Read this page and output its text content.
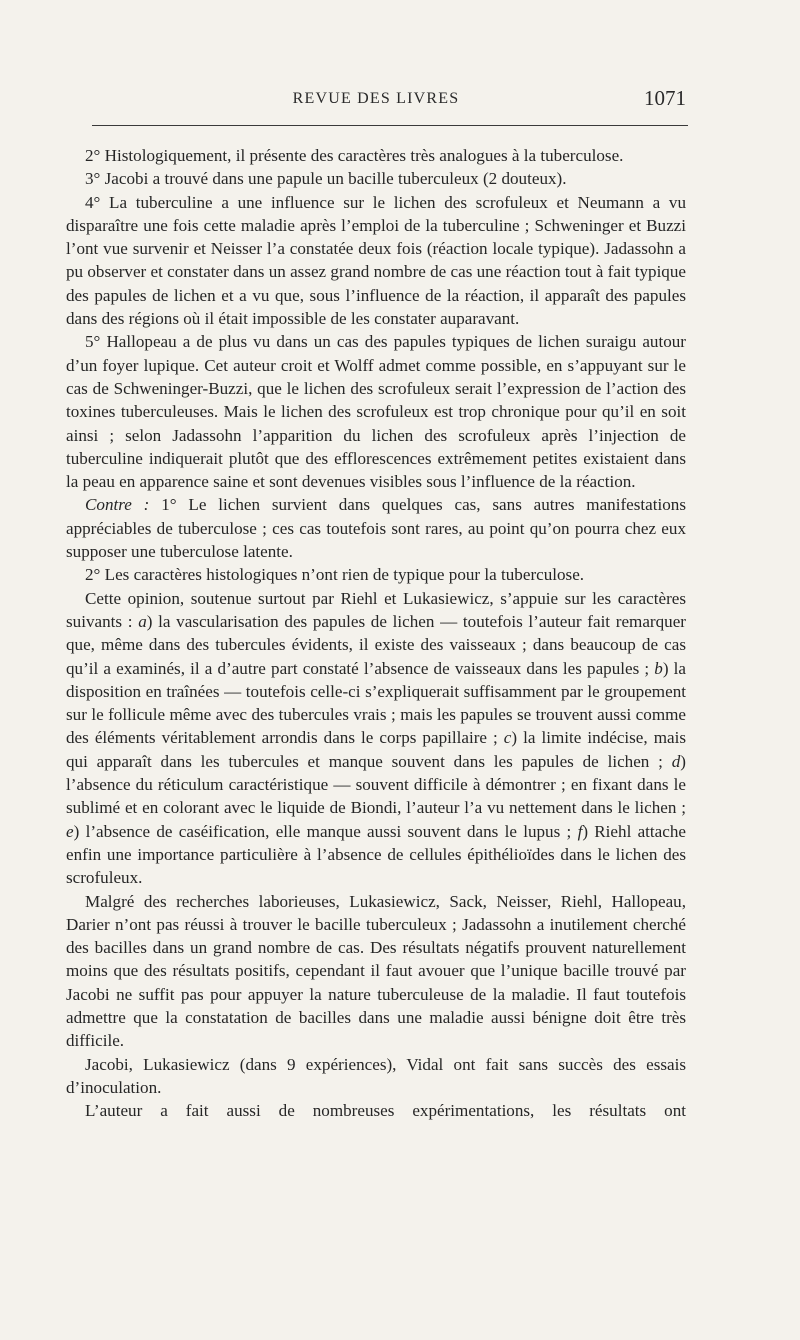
REVUE DES LIVRES	1071

2° Histologiquement, il présente des caractères très analogues à la tuberculose.

3° Jacobi a trouvé dans une papule un bacille tuberculeux (2 douteux).

4° La tuberculine a une influence sur le lichen des scrofuleux et Neumann a vu disparaître une fois cette maladie après l’emploi de la tuberculine ; Schweninger et Buzzi l’ont vue survenir et Neisser l’a constatée deux fois (réaction locale typique). Jadassohn a pu observer et constater dans un assez grand nombre de cas une réaction tout à fait typique des papules de lichen et a vu que, sous l’influence de la réaction, il apparaît des papules dans des régions où il était impossible de les constater auparavant.

5° Hallopeau a de plus vu dans un cas des papules typiques de lichen suraigu autour d’un foyer lupique. Cet auteur croit et Wolff admet comme possible, en s’appuyant sur le cas de Schweninger-Buzzi, que le lichen des scrofuleux serait l’expression de l’action des toxines tuberculeuses. Mais le lichen des scrofuleux est trop chronique pour qu’il en soit ainsi ; selon Jadassohn l’apparition du lichen des scrofuleux après l’injection de tuberculine indiquerait plutôt que des efflorescences extrêmement petites existaient dans la peau en apparence saine et sont devenues visibles sous l’influence de la réaction.

Contre : 1° Le lichen survient dans quelques cas, sans autres manifestations appréciables de tuberculose ; ces cas toutefois sont rares, au point qu’on pourra chez eux supposer une tuberculose latente.

2° Les caractères histologiques n’ont rien de typique pour la tuberculose.

Cette opinion, soutenue surtout par Riehl et Lukasiewicz, s’appuie sur les caractères suivants : a) la vascularisation des papules de lichen — toutefois l’auteur fait remarquer que, même dans des tubercules évidents, il existe des vaisseaux ; dans beaucoup de cas qu’il a examinés, il a d’autre part constaté l’absence de vaisseaux dans les papules ; b) la disposition en traînées — toutefois celle-ci s’expliquerait suffisamment par le groupement sur le follicule même avec des tubercules vrais ; mais les papules se trouvent aussi comme des éléments véritablement arrondis dans le corps papillaire ; c) la limite indécise, mais qui apparaît dans les tubercules et manque souvent dans les papules de lichen ; d) l’absence du réticulum caractéristique — souvent difficile à démontrer ; en fixant dans le sublimé et en colorant avec le liquide de Biondi, l’auteur l’a vu nettement dans le lichen ; e) l’absence de caséification, elle manque aussi souvent dans le lupus ; f) Riehl attache enfin une importance particulière à l’absence de cellules épithélioïdes dans le lichen des scrofuleux.

Malgré des recherches laborieuses, Lukasiewicz, Sack, Neisser, Riehl, Hallopeau, Darier n’ont pas réussi à trouver le bacille tuberculeux ; Jadassohn a inutilement cherché des bacilles dans un grand nombre de cas. Des résultats négatifs prouvent naturellement moins que des résultats positifs, cependant il faut avouer que l’unique bacille trouvé par Jacobi ne suffit pas pour appuyer la nature tuberculeuse de la maladie. Il faut toutefois admettre que la constatation de bacilles dans une maladie aussi bénigne doit être très difficile.

Jacobi, Lukasiewicz (dans 9 expériences), Vidal ont fait sans succès des essais d’inoculation.

L’auteur a fait aussi de nombreuses expérimentations, les résultats ont
